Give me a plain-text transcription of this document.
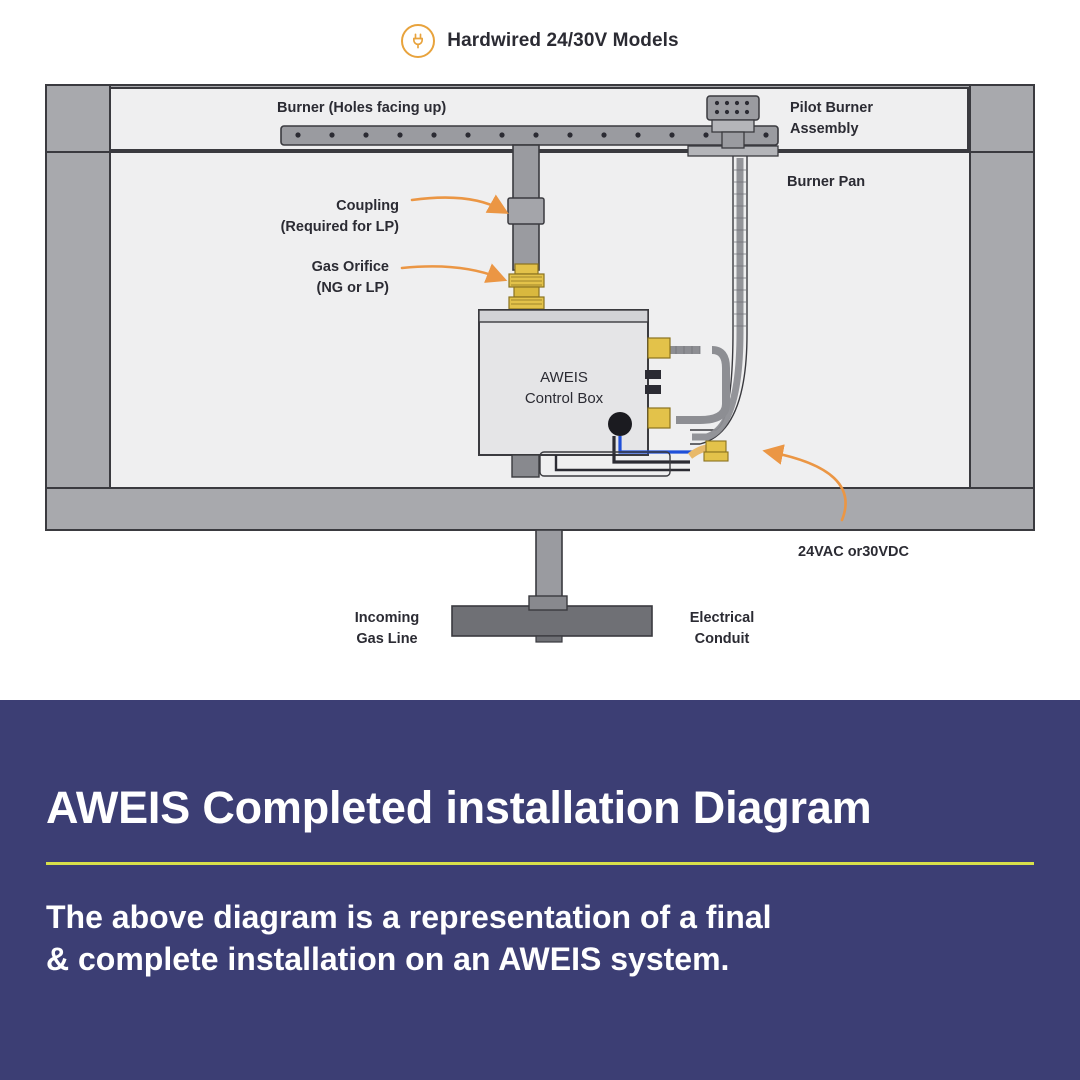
Hardwired 24/30V Models
Burner (Holes facing up)	Pilot Burner
Assembly
Burner Pan
Coupling
(Required for LP)
Gas Orifice
(NG or LP)
AWEIS
Control Box
24VAC or30VDC
Incoming
Gas Line
Electrical
Conduit
AWEIS Completed installation Diagram
The above diagram is a representation of a final
& complete installation on an AWEIS system.
